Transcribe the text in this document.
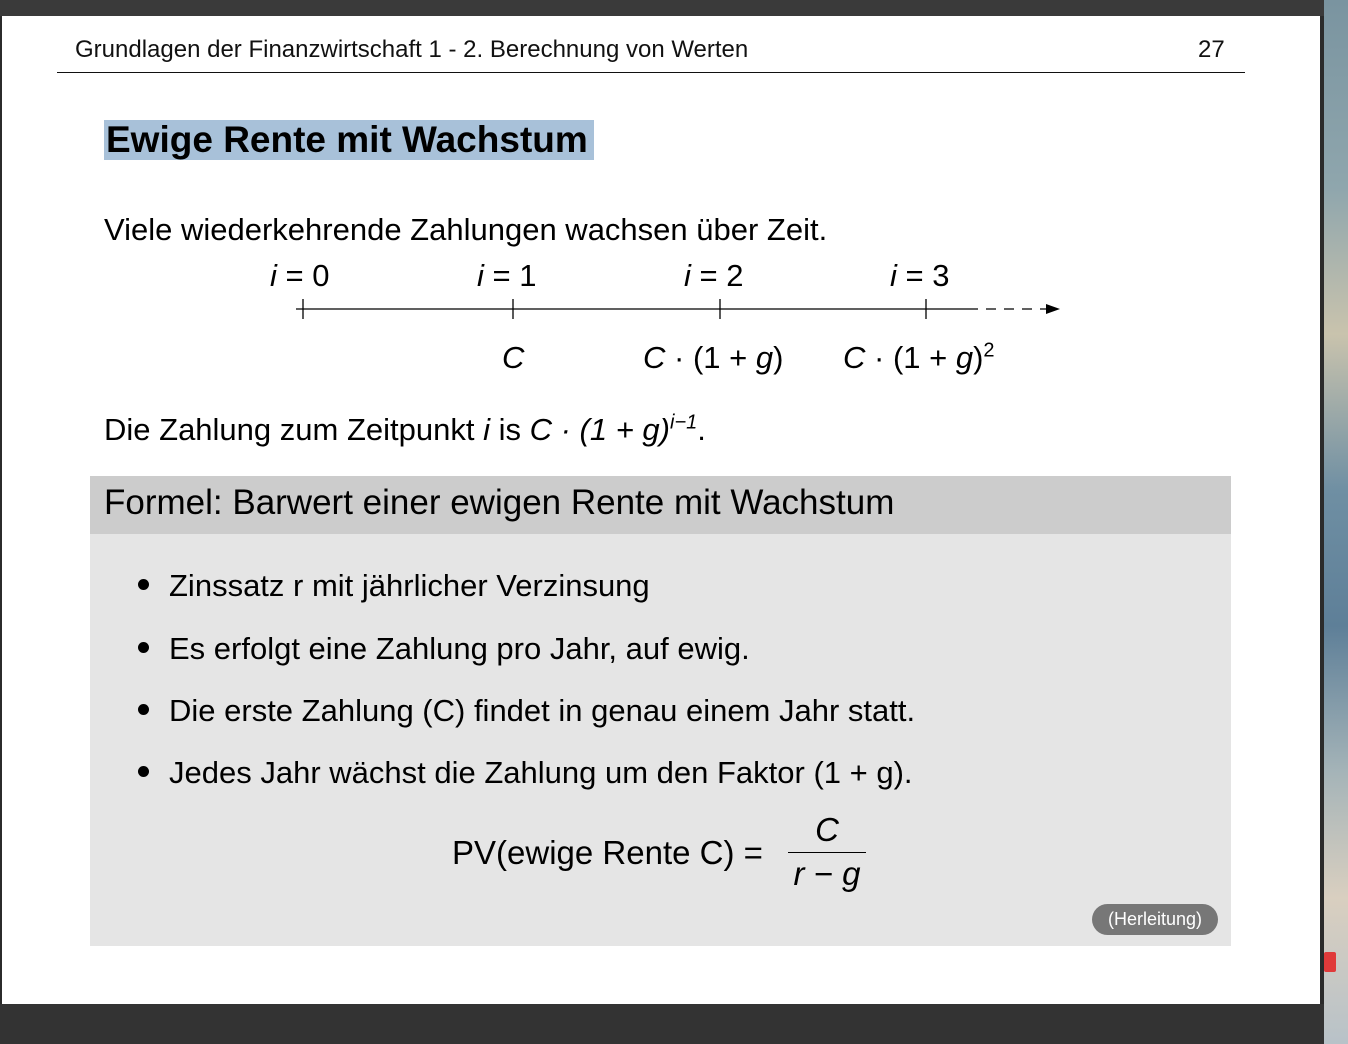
Grundlagen der Finanzwirtschaft 1 - 2. Berechnung von Werten	27
Ewige Rente mit Wachstum
Viele wiederkehrende Zahlungen wachsen über Zeit.
i = 0	i = 1	i = 2	i = 3
C	C · (1 + g) $C \cdot (1 + g)^2$
Die Zahlung zum Zeitpunkt i is $C \cdot (1 + g)^{i-1}$.
Formel: Barwert einer ewigen Rente mit Wachstum
Zinssatz r mit jährlicher Verzinsung
Es erfolgt eine Zahlung pro Jahr, auf ewig.
Die erste Zahlung (C) findet in genau einem Jahr statt.
Jedes Jahr wächst die Zahlung um den Faktor (1 + g).
PV(ewige Rente C) =
C
r − g
(Herleitung)
